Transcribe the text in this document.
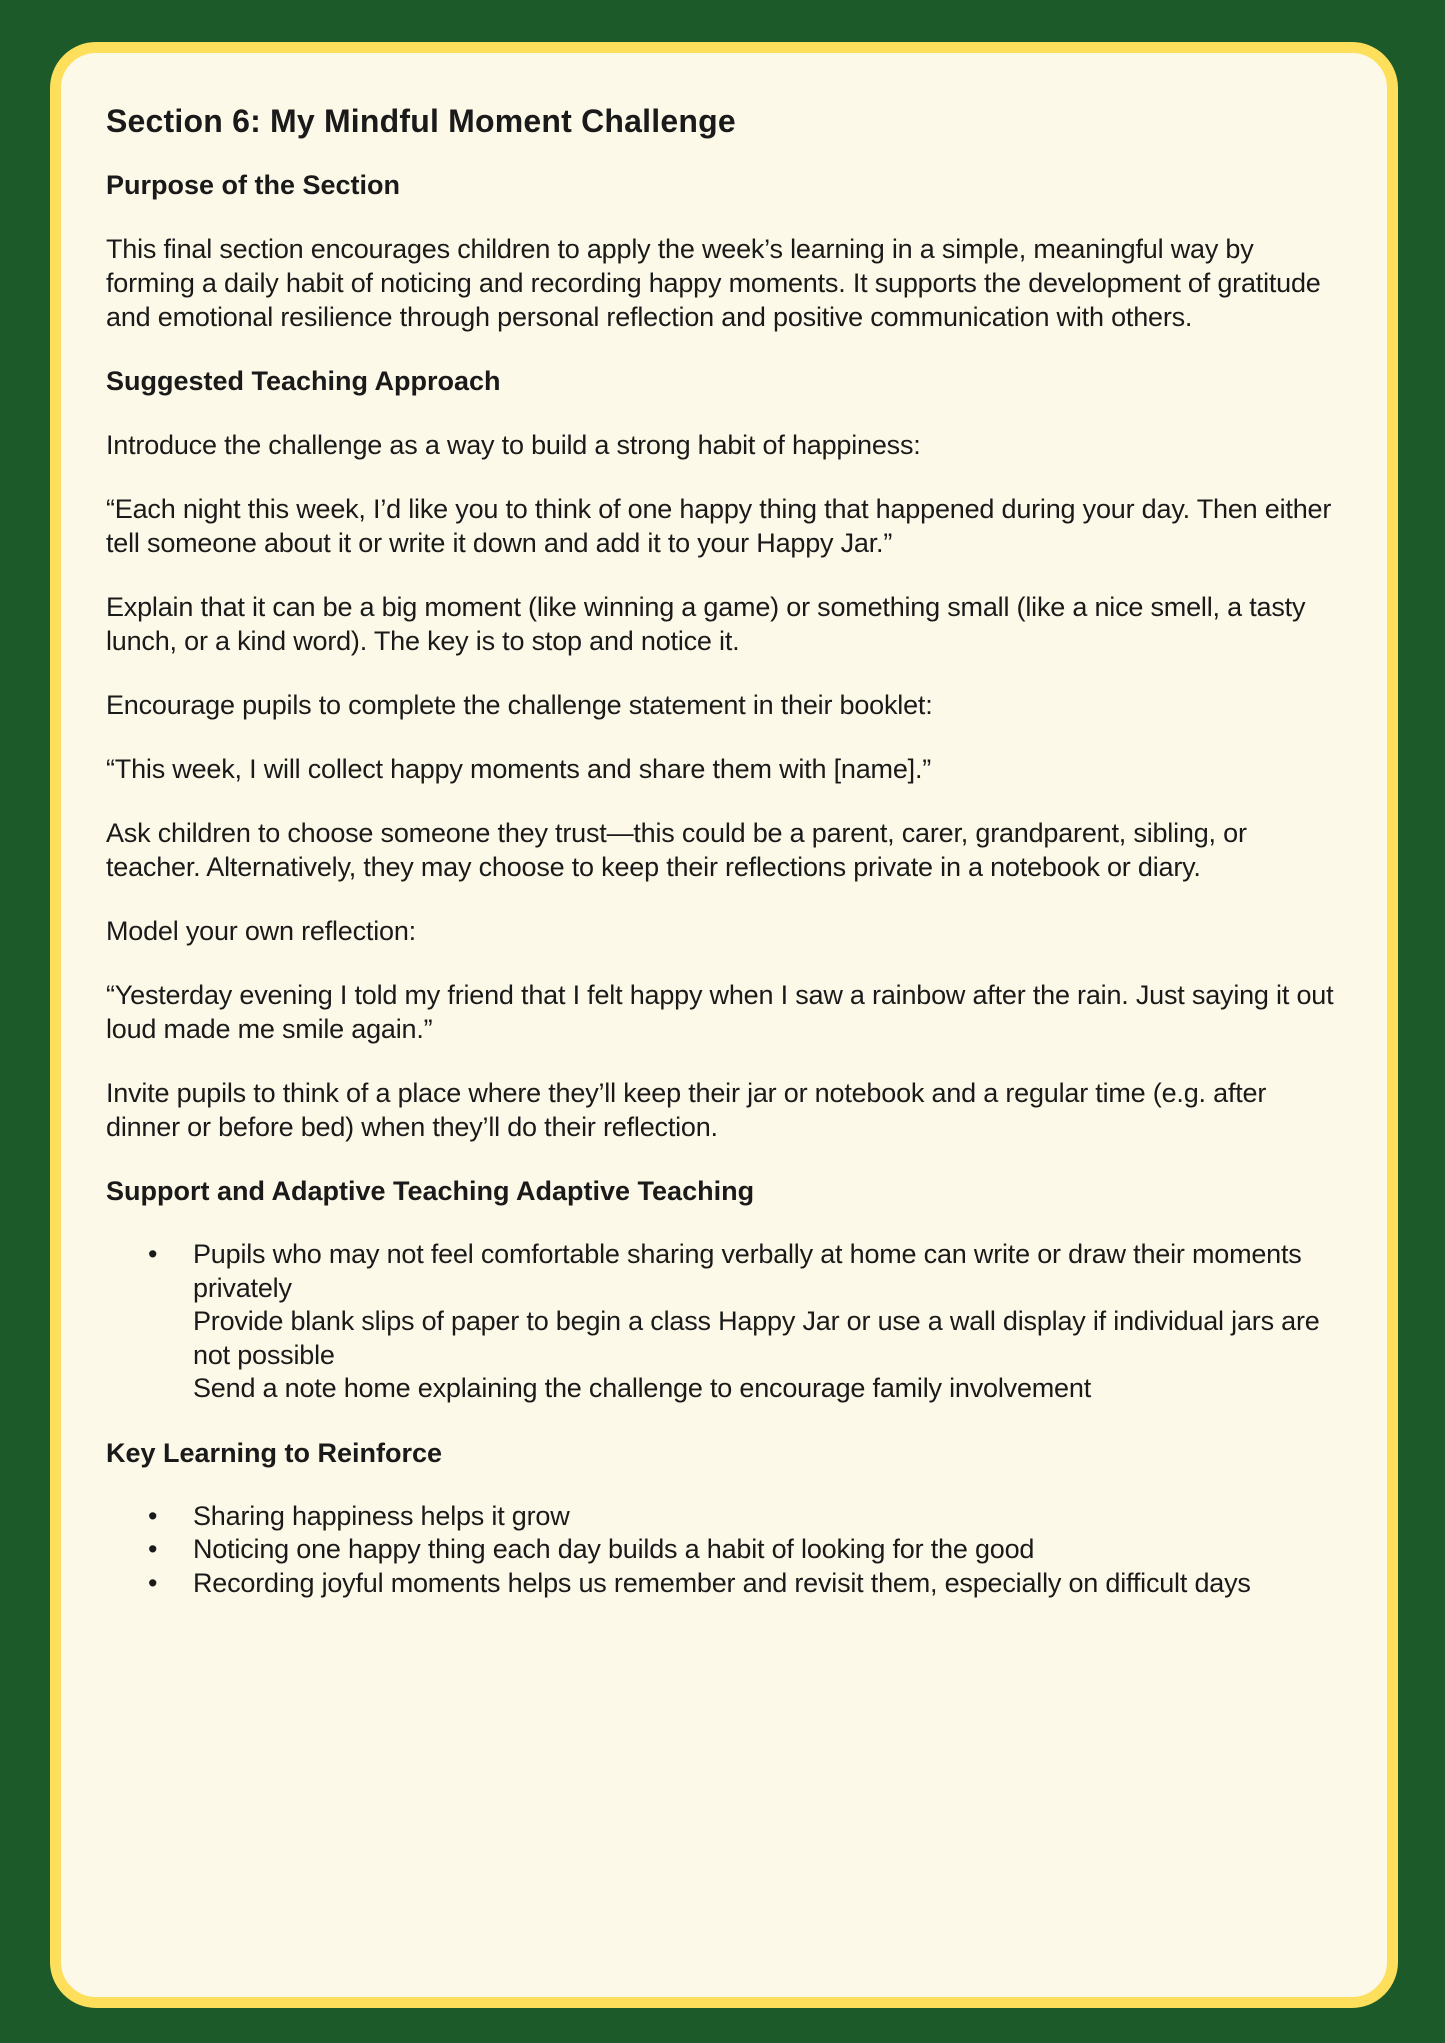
Section 6: My Mindful Moment Challenge
Purpose of the Section

This final section encourages children to apply the week’s learning in a simple, meaningful way by forming a daily habit of noticing and recording happy moments. It supports the development of gratitude and emotional resilience through personal reflection and positive communication with others.

Suggested Teaching Approach

Introduce the challenge as a way to build a strong habit of happiness:

“Each night this week, I’d like you to think of one happy thing that happened during your day. Then either tell someone about it or write it down and add it to your Happy Jar.”

Explain that it can be a big moment (like winning a game) or something small (like a nice smell, a tasty lunch, or a kind word). The key is to stop and notice it.

Encourage pupils to complete the challenge statement in their booklet:

“This week, I will collect happy moments and share them with [name].”

Ask children to choose someone they trust—this could be a parent, carer, grandparent, sibling, or teacher. Alternatively, they may choose to keep their reflections private in a notebook or diary.

Model your own reflection:

“Yesterday evening I told my friend that I felt happy when I saw a rainbow after the rain. Just saying it out loud made me smile again.”

Invite pupils to think of a place where they’ll keep their jar or notebook and a regular time (e.g. after dinner or before bed) when they’ll do their reflection.

Support and Adaptive Teaching Adaptive Teaching
• Pupils who may not feel comfortable sharing verbally at home can write or draw their moments privately
Provide blank slips of paper to begin a class Happy Jar or use a wall display if individual jars are not possible
Send a note home explaining the challenge to encourage family involvement
Key Learning to Reinforce
• Sharing happiness helps it grow
• Noticing one happy thing each day builds a habit of looking for the good
• Recording joyful moments helps us remember and revisit them, especially on difficult days
